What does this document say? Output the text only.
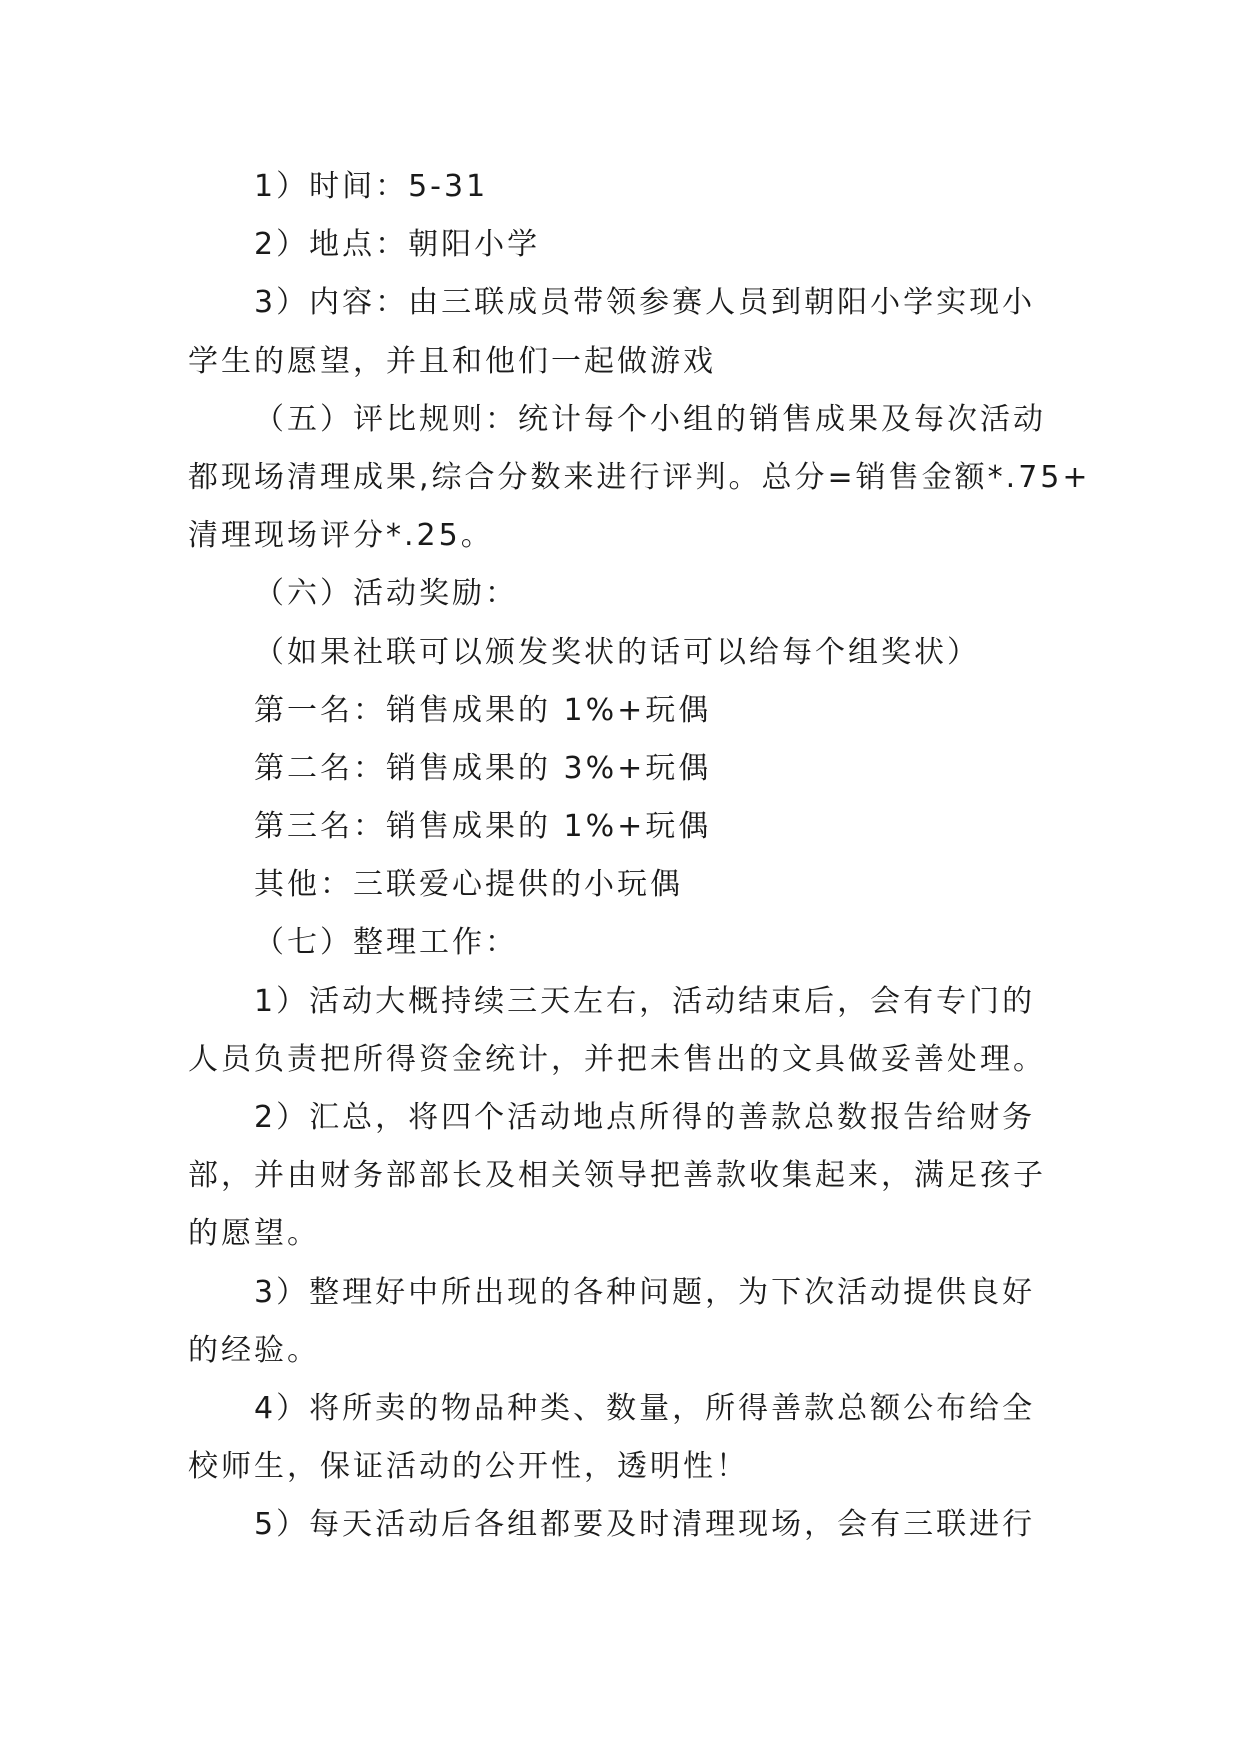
1）时间：5-31
2）地点：朝阳小学
3）内容：由三联成员带领参赛人员到朝阳小学实现小
学生的愿望，并且和他们一起做游戏
（五）评比规则：统计每个小组的销售成果及每次活动
都现场清理成果,综合分数来进行评判。总分=销售金额*.75+
清理现场评分*.25。
（六）活动奖励：
（如果社联可以颁发奖状的话可以给每个组奖状）
第一名：销售成果的 1%+玩偶
第二名：销售成果的 3%+玩偶
第三名：销售成果的 1%+玩偶
其他：三联爱心提供的小玩偶
（七）整理工作：
1）活动大概持续三天左右，活动结束后，会有专门的
人员负责把所得资金统计，并把未售出的文具做妥善处理。
2）汇总，将四个活动地点所得的善款总数报告给财务
部，并由财务部部长及相关领导把善款收集起来，满足孩子
的愿望。
3）整理好中所出现的各种问题，为下次活动提供良好
的经验。
4）将所卖的物品种类、数量，所得善款总额公布给全
校师生，保证活动的公开性，透明性！
5）每天活动后各组都要及时清理现场，会有三联进行
